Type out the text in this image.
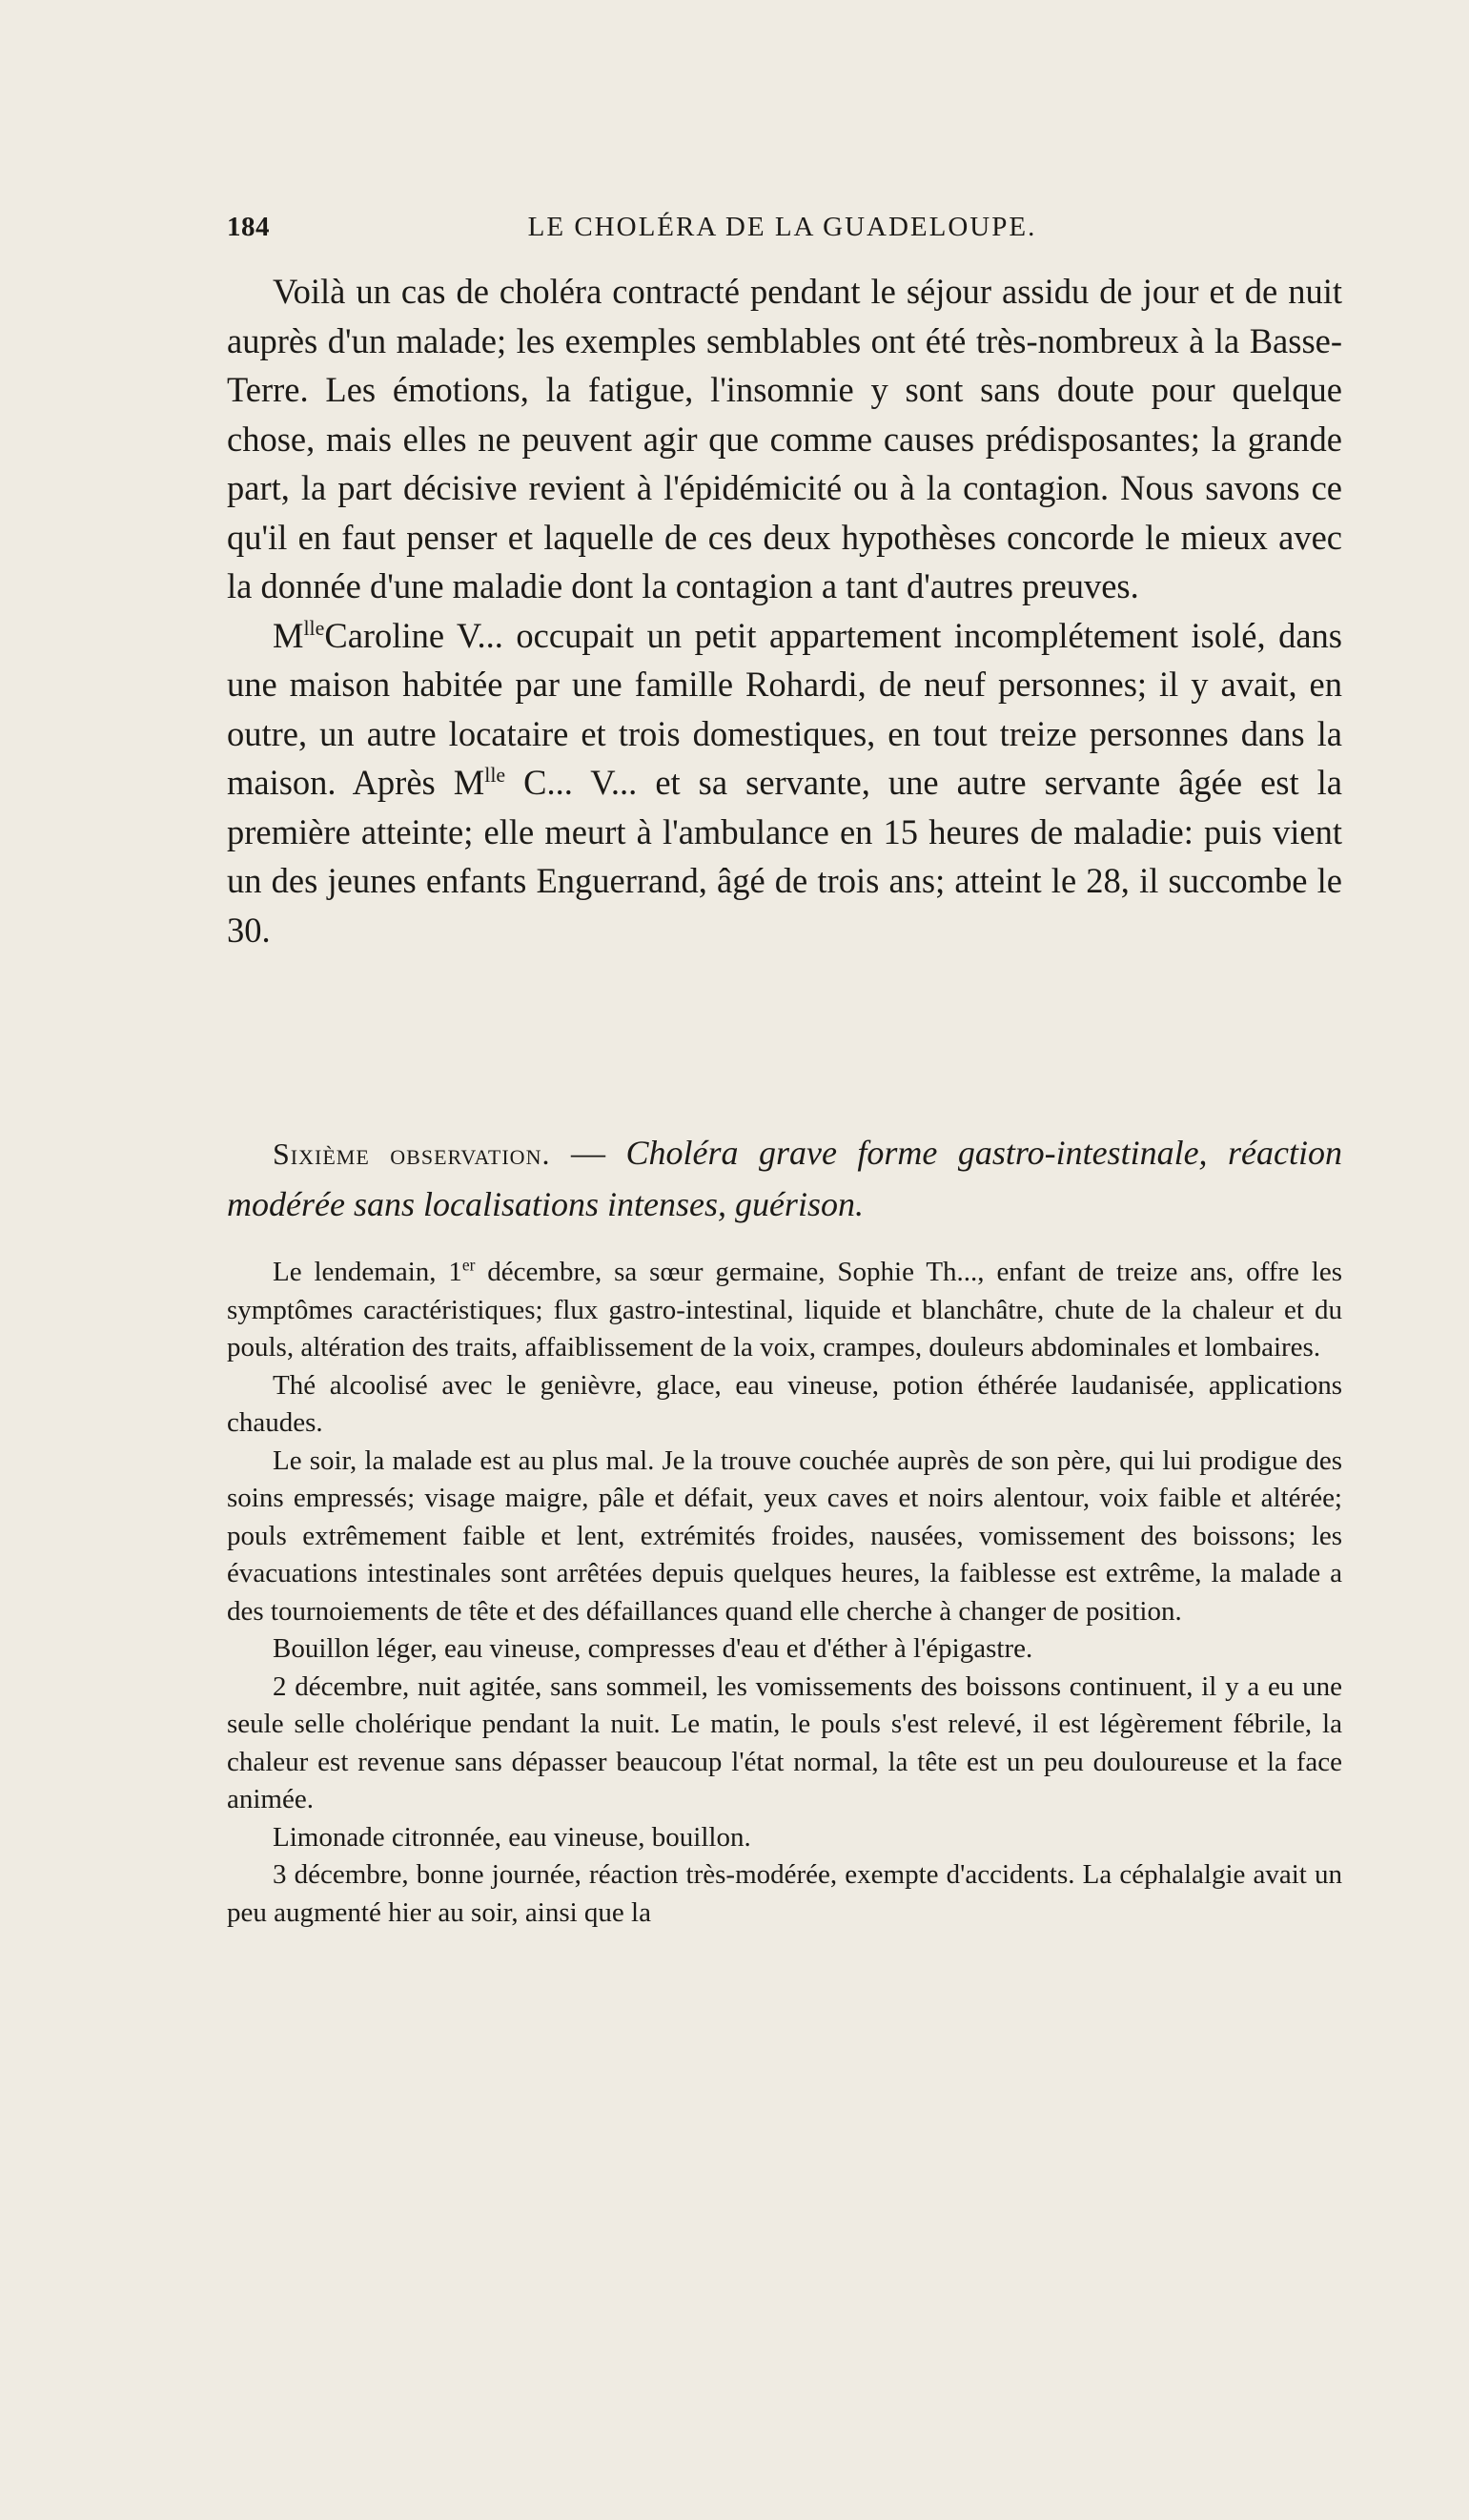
184	LE CHOLÉRA DE LA GUADELOUPE.

Voilà un cas de choléra contracté pendant le séjour assidu de jour et de nuit auprès d'un malade; les exemples semblables ont été très-nombreux à la Basse-Terre. Les émotions, la fatigue, l'insomnie y sont sans doute pour quelque chose, mais elles ne peuvent agir que comme causes prédisposantes; la grande part, la part décisive revient à l'épidémicité ou à la contagion. Nous savons ce qu'il en faut penser et laquelle de ces deux hypothèses concorde le mieux avec la donnée d'une maladie dont la contagion a tant d'autres preuves.

$M^{lle}Caroline$ V... occupait un petit appartement incomplétement isolé, dans une maison habitée par une famille Rohardi, de neuf personnes; il y avait, en outre, un autre locataire et trois domestiques, en tout treize personnes dans la maison. Après $M^{lle}$ C... V... et sa servante, une autre servante âgée est la première atteinte; elle meurt à l'ambulance en 15 heures de maladie: puis vient un des jeunes enfants Enguerrand, âgé de trois ans; atteint le 28, il succombe le 30.

Sixième observation. — Choléra grave forme gastro-intestinale, réaction modérée sans localisations intenses, guérison.

Le lendemain, 1er décembre, sa sœur germaine, Sophie Th..., enfant de treize ans, offre les symptômes caractéristiques; flux gastro-intestinal, liquide et blanchâtre, chute de la chaleur et du pouls, altération des traits, affaiblissement de la voix, crampes, douleurs abdominales et lombaires.

Thé alcoolisé avec le genièvre, glace, eau vineuse, potion éthérée laudanisée, applications chaudes.

Le soir, la malade est au plus mal. Je la trouve couchée auprès de son père, qui lui prodigue des soins empressés; visage maigre, pâle et défait, yeux caves et noirs alentour, voix faible et altérée; pouls extrêmement faible et lent, extrémités froides, nausées, vomissement des boissons; les évacuations intestinales sont arrêtées depuis quelques heures, la faiblesse est extrême, la malade a des tournoiements de tête et des défaillances quand elle cherche à changer de position.

Bouillon léger, eau vineuse, compresses d'eau et d'éther à l'épigastre.

2 décembre, nuit agitée, sans sommeil, les vomissements des boissons continuent, il y a eu une seule selle cholérique pendant la nuit. Le matin, le pouls s'est relevé, il est légèrement fébrile, la chaleur est revenue sans dépasser beaucoup l'état normal, la tête est un peu douloureuse et la face animée.

Limonade citronnée, eau vineuse, bouillon.

3 décembre, bonne journée, réaction très-modérée, exempte d'accidents. La céphalalgie avait un peu augmenté hier au soir, ainsi que la
